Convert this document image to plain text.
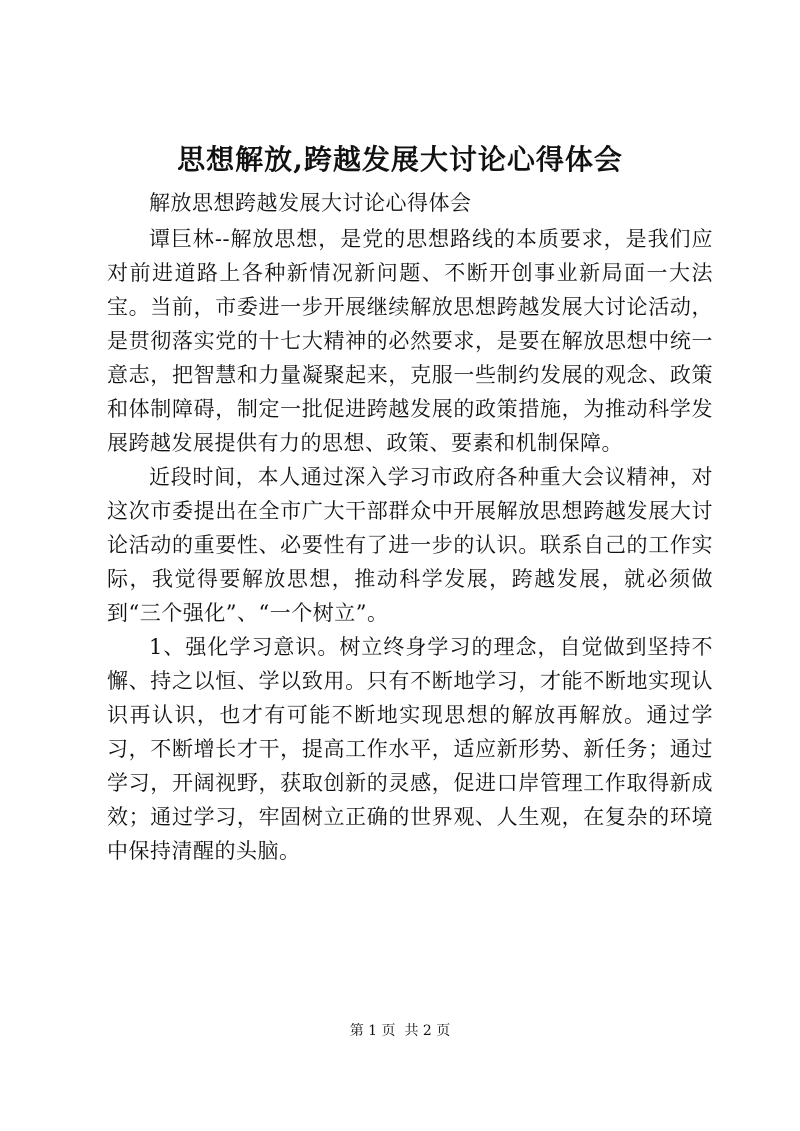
思想解放,跨越发展大讨论心得体会

解放思想跨越发展大讨论心得体会

谭巨林--解放思想，是党的思想路线的本质要求，是我们应对前进道路上各种新情况新问题、不断开创事业新局面一大法宝。当前，市委进一步开展继续解放思想跨越发展大讨论活动，是贯彻落实党的十七大精神的必然要求，是要在解放思想中统一意志，把智慧和力量凝聚起来，克服一些制约发展的观念、政策和体制障碍，制定一批促进跨越发展的政策措施，为推动科学发展跨越发展提供有力的思想、政策、要素和机制保障。

近段时间，本人通过深入学习市政府各种重大会议精神，对这次市委提出在全市广大干部群众中开展解放思想跨越发展大讨论活动的重要性、必要性有了进一步的认识。联系自己的工作实际，我觉得要解放思想，推动科学发展，跨越发展，就必须做到“三个强化”、“一个树立”。

1、强化学习意识。树立终身学习的理念，自觉做到坚持不懈、持之以恒、学以致用。只有不断地学习，才能不断地实现认识再认识，也才有可能不断地实现思想的解放再解放。通过学习，不断增长才干，提高工作水平，适应新形势、新任务；通过学习，开阔视野，获取创新的灵感，促进口岸管理工作取得新成效；通过学习，牢固树立正确的世界观、人生观，在复杂的环境中保持清醒的头脑。

第 1 页  共 2 页
